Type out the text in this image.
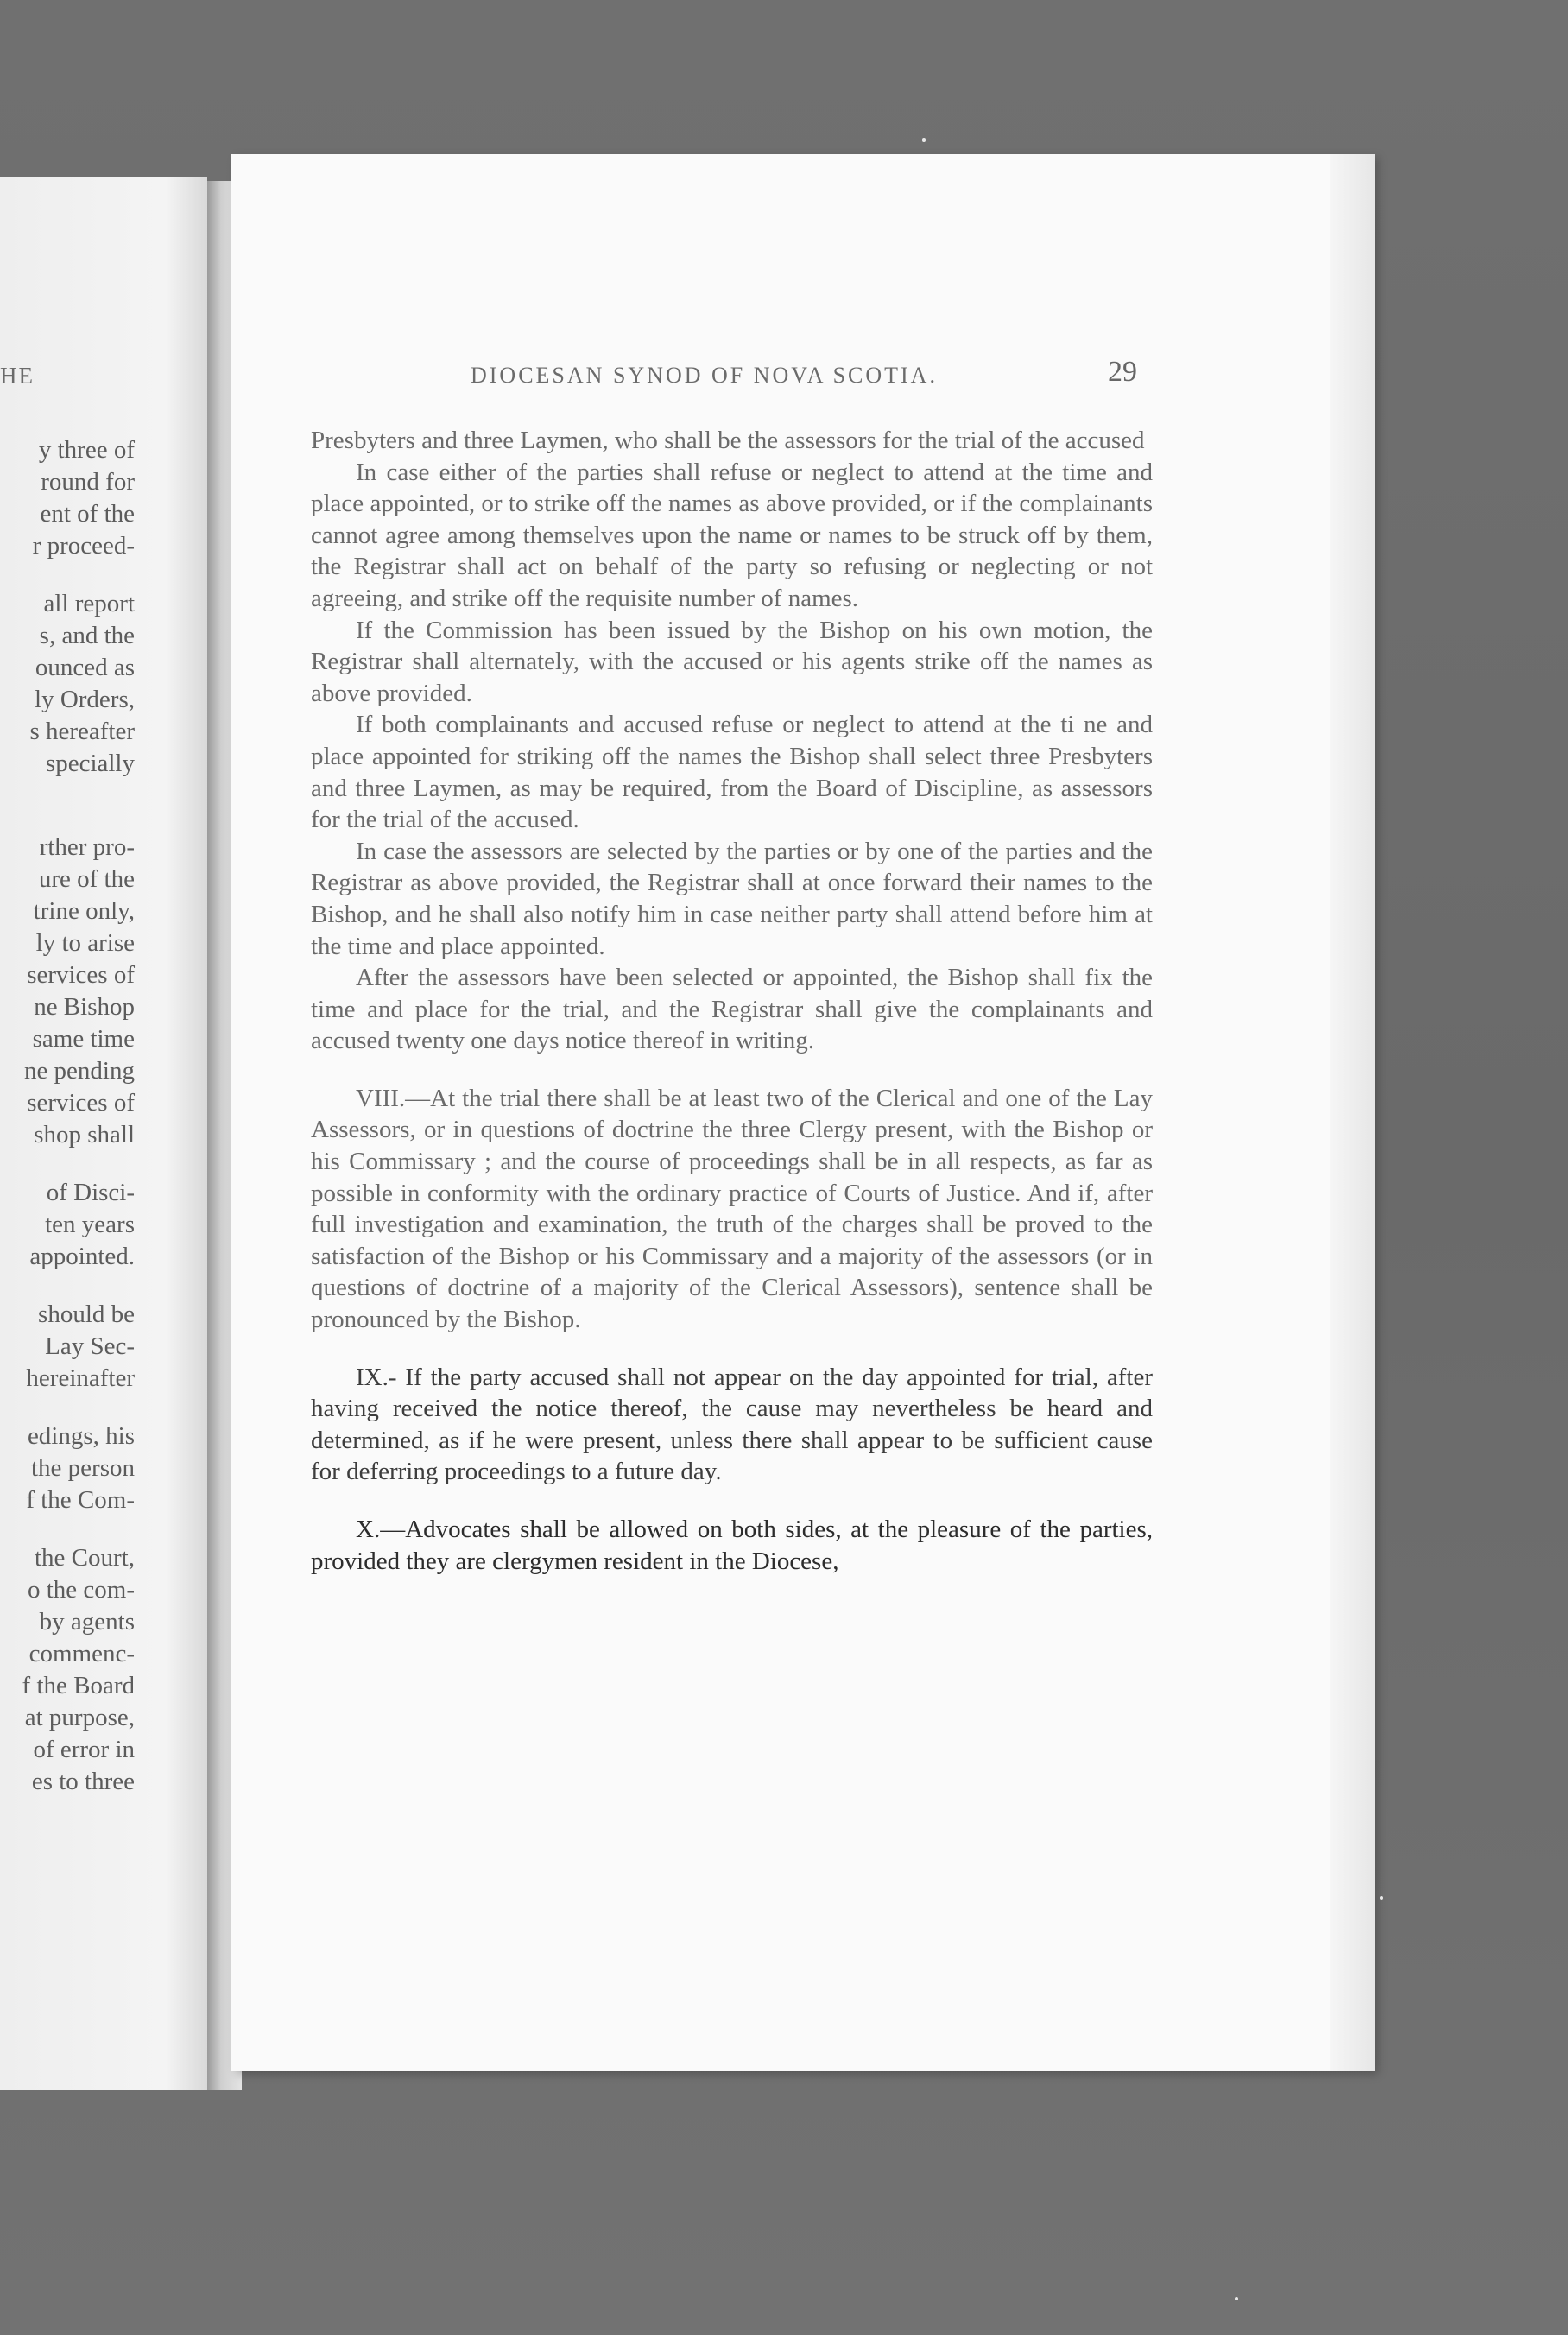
HE
y three of
round for
ent of the
r proceed-
all report
s, and the
ounced as
ly Orders,
s hereafter
specially
rther pro-
ure of the
trine only,
ly to arise
services of
ne Bishop
same time
ne pending
services of
shop shall
of Disci-
ten years
appointed.
should be
Lay Sec-
hereinafter
edings, his
the person
f the Com-
the Court,
o the com-
by agents
commenc-
f the Board
at purpose,
of error in
es to three
DIOCESAN SYNOD OF NOVA SCOTIA.	29

Presbyters and three Laymen, who shall be the assessors for the trial of the accused

In case either of the parties shall refuse or neglect to attend at the time and place appointed, or to strike off the names as above provided, or if the complainants cannot agree among themselves upon the name or names to be struck off by them, the Registrar shall act on behalf of the party so refusing or neglecting or not agreeing, and strike off the requisite number of names.

If the Commission has been issued by the Bishop on his own motion, the Registrar shall alternately, with the accused or his agents strike off the names as above provided.

If both complainants and accused refuse or neglect to attend at the ti ne and place appointed for striking off the names the Bishop shall select three Presbyters and three Laymen, as may be required, from the Board of Discipline, as assessors for the trial of the accused.

In case the assessors are selected by the parties or by one of the parties and the Registrar as above provided, the Registrar shall at once forward their names to the Bishop, and he shall also notify him in case neither party shall attend before him at the time and place appointed.

After the assessors have been selected or appointed, the Bishop shall fix the time and place for the trial, and the Registrar shall give the complainants and accused twenty one days notice thereof in writing.

VIII.—At the trial there shall be at least two of the Clerical and one of the Lay Assessors, or in questions of doctrine the three Clergy present, with the Bishop or his Commissary ; and the course of proceedings shall be in all respects, as far as possible in conformity with the ordinary practice of Courts of Justice. And if, after full investigation and examination, the truth of the charges shall be proved to the satisfaction of the Bishop or his Commissary and a majority of the assessors (or in questions of doctrine of a majority of the Clerical Assessors), sentence shall be pronounced by the Bishop.

IX.- If the party accused shall not appear on the day appointed for trial, after having received the notice thereof, the cause may nevertheless be heard and determined, as if he were present, unless there shall appear to be sufficient cause for deferring proceedings to a future day.

X.—Advocates shall be allowed on both sides, at the pleasure of the parties, provided they are clergymen resident in the Diocese,
